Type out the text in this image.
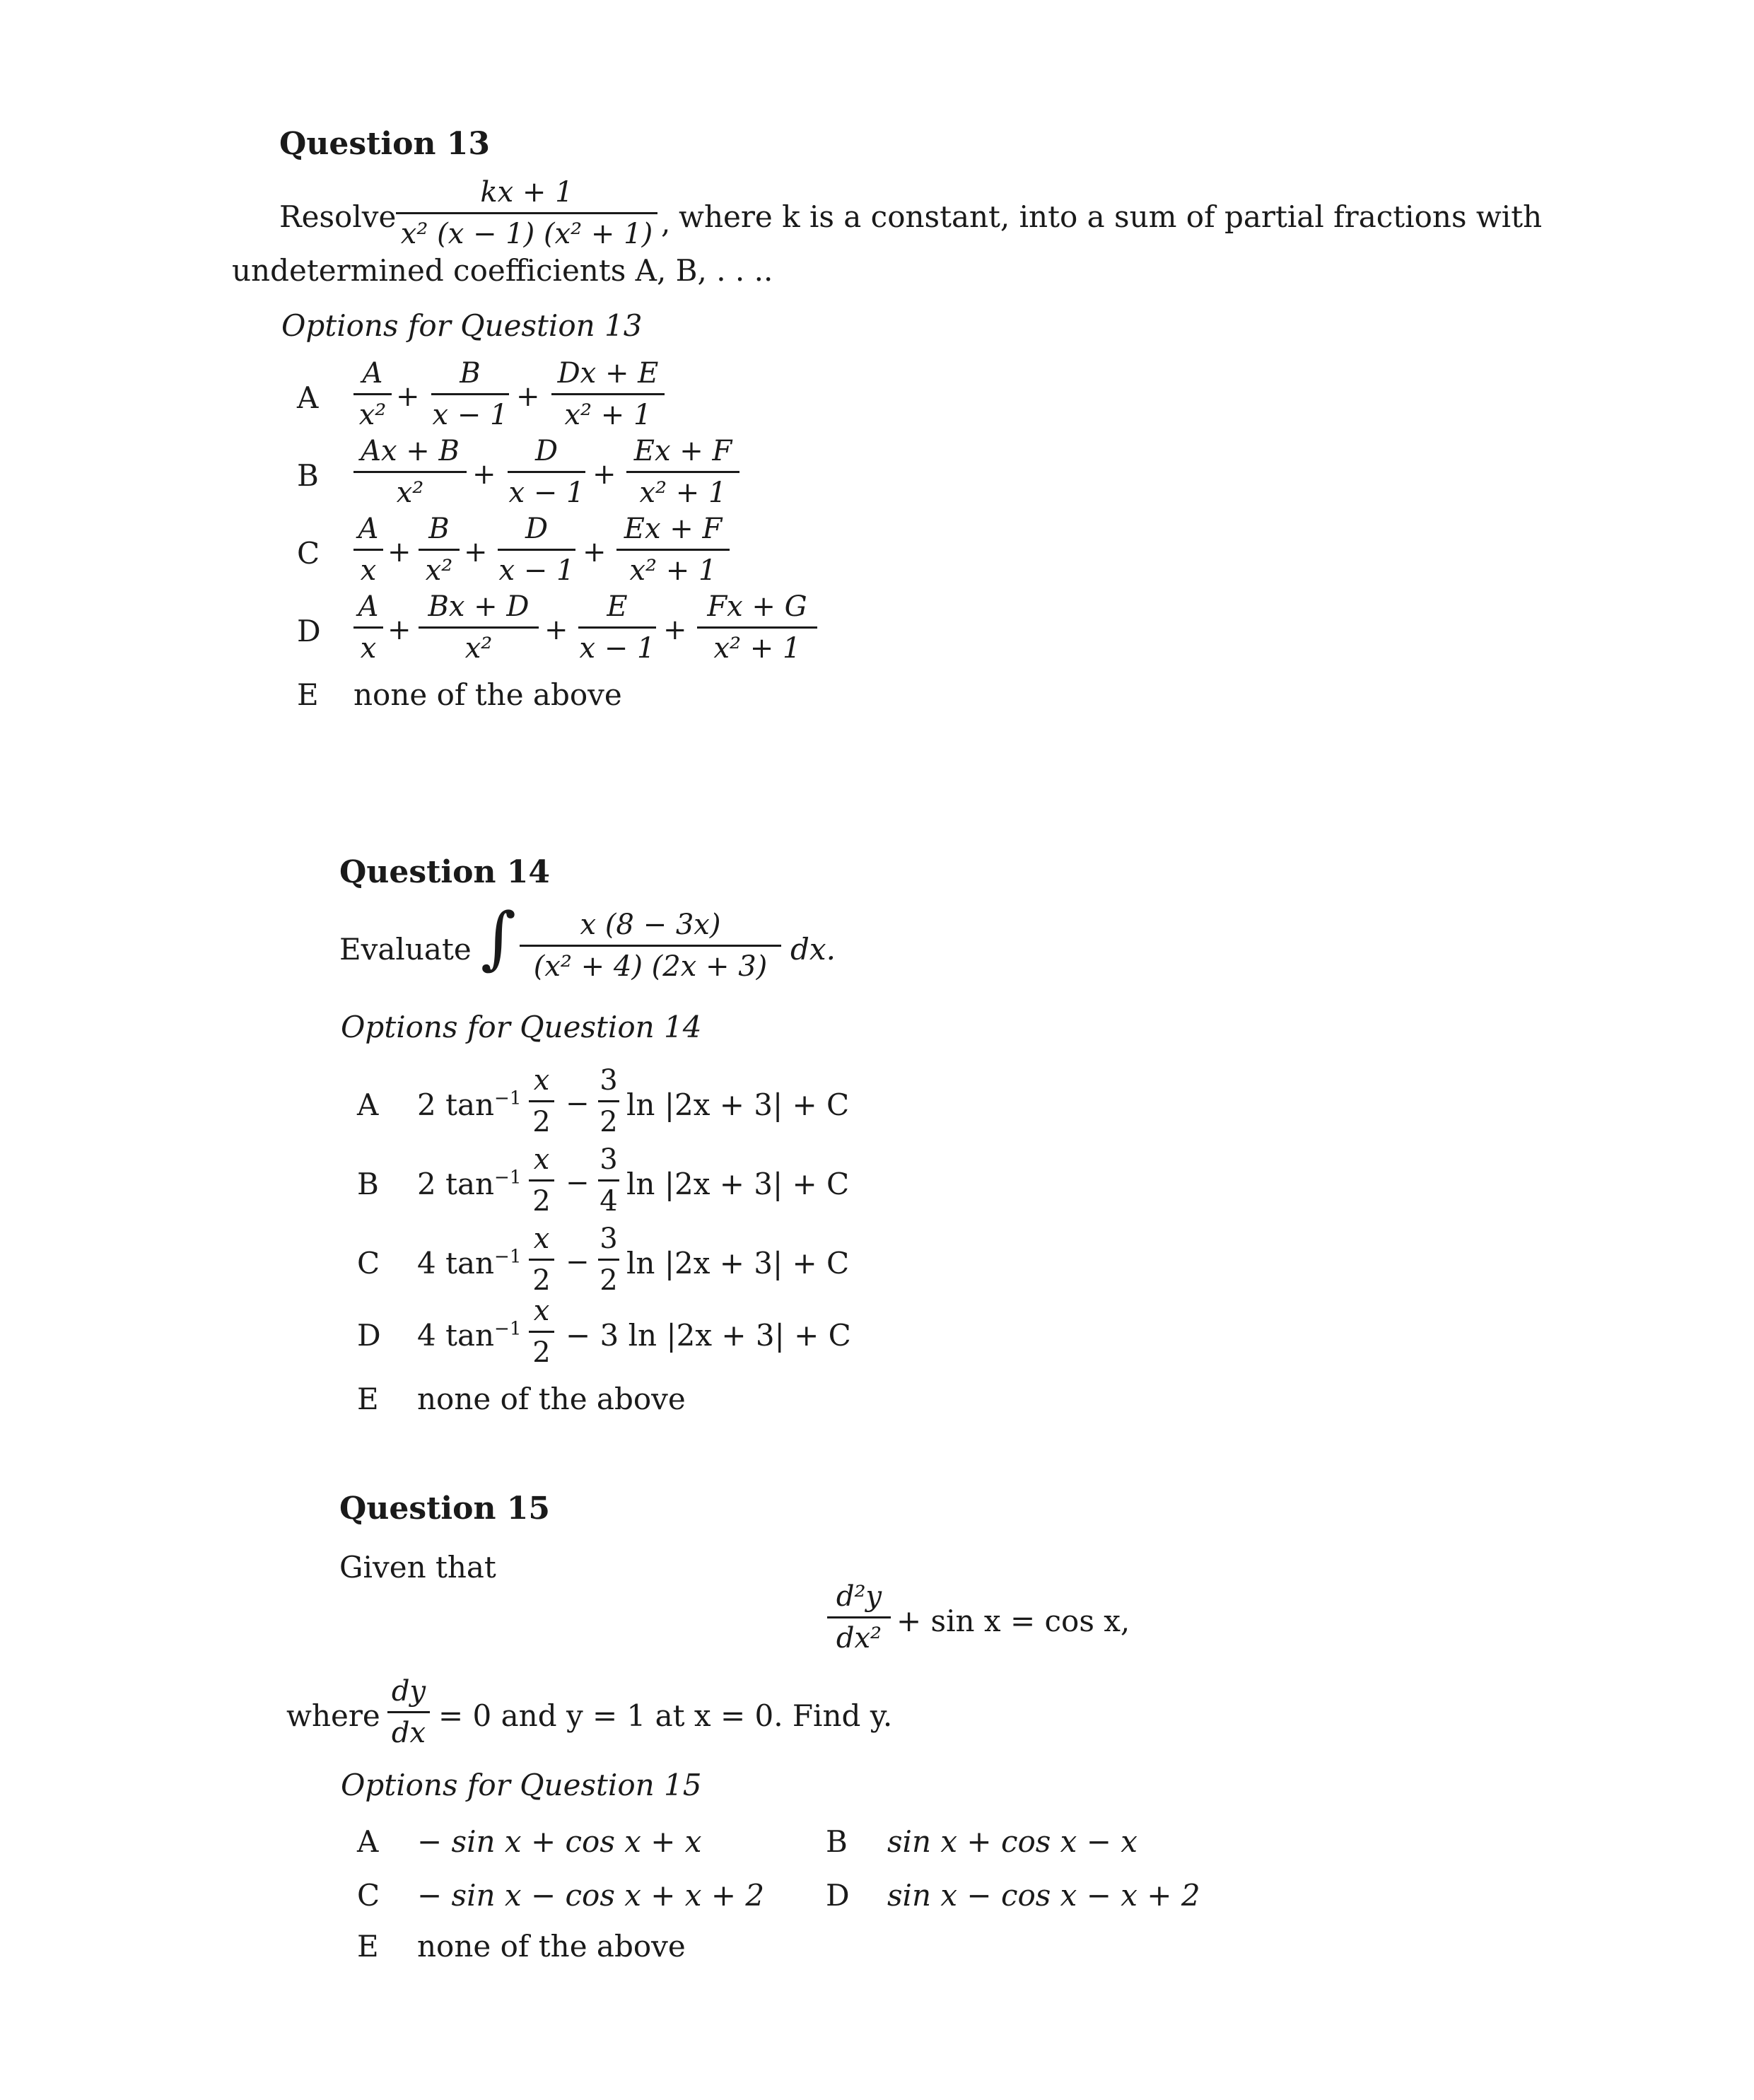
Question 13
Resolve
kx + 1
x² (x − 1) (x² + 1) , where k is a constant, into a sum of partial fractions with
undetermined coefficients A, B, . . ..
Options for Question 13
A
B
C
D
E
A
x²
+
B
x − 1
+
Dx + E
x² + 1
Ax + B
x²
+
D
x − 1
+
Ex + F
x² + 1
A
x
+
B
x²
+
D
x − 1
+
Ex + F
x² + 1
A
x
+
Bx + D
x²
+
E
x − 1
+
Fx + G
x² + 1
none of the above
Question 14
Evaluate ∫	x (8 − 3x)
(x² + 4) (2x + 3) dx.
Options for Question 14
A
B
C
D
E
2 $\tan^{-1}$
x
2
−
3
2 ln |2x + 3| + C
2 $\tan^{-1}$
x
2
−
3
4 ln |2x + 3| + C
4 $\tan^{-1}$
x
2
−
3
2 ln |2x + 3| + C
4 $\tan^{-1}$
x
2 − 3 ln |2x + 3| + C
none of the above
Question 15
Given that
d²y
dx² + sin x = cos x,
where
dy
dx = 0 and y = 1 at x = 0. Find y.
Options for Question 15
A − sin x + cos x + x	B sin x + cos x − x
C − sin x − cos x + x + 2 D sin x − cos x − x + 2
E none of the above
